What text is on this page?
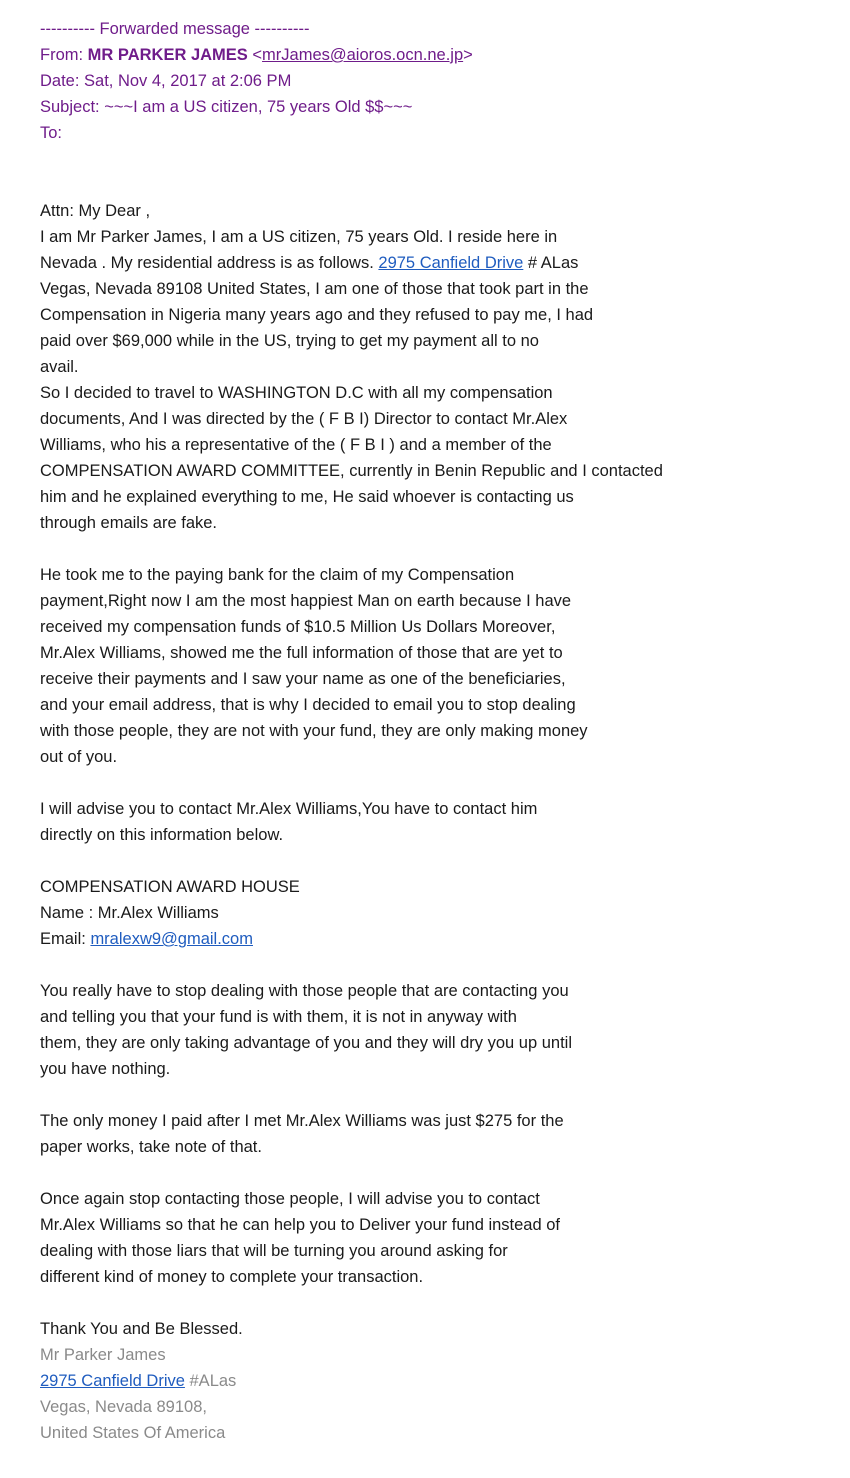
---------- Forwarded message ----------
From: MR PARKER JAMES <mrJames@aioros.ocn.ne.jp>
Date: Sat, Nov 4, 2017 at 2:06 PM
Subject: ~~~I am a US citizen, 75 years Old $$~~~
To:
Attn: My Dear ,
I am Mr Parker James, I am a US citizen, 75 years Old. I reside here in
Nevada . My residential address is as follows. 2975 Canfield Drive # ALas
Vegas, Nevada 89108 United States, I am one of those that took part in the
Compensation in Nigeria many years ago and they refused to pay me, I had
paid over $69,000 while in the US, trying to get my payment all to no
avail.
So I decided to travel to WASHINGTON D.C with all my compensation
documents, And I was directed by the ( F B I) Director to contact Mr.Alex
Williams, who his a representative of the ( F B I ) and a member of the
COMPENSATION AWARD COMMITTEE, currently in Benin Republic and I contacted
him and he explained everything to me, He said whoever is contacting us
through emails are fake.
He took me to the paying bank for the claim of my Compensation
payment,Right now I am the most happiest Man on earth because I have
received my compensation funds of $10.5 Million Us Dollars Moreover,
Mr.Alex Williams, showed me the full information of those that are yet to
receive their payments and I saw your name as one of the beneficiaries,
and your email address, that is why I decided to email you to stop dealing
with those people, they are not with your fund, they are only making money
out of you.
I will advise you to contact Mr.Alex Williams,You have to contact him
directly on this information below.
COMPENSATION AWARD HOUSE
Name : Mr.Alex Williams
Email: mralexw9@gmail.com
You really have to stop dealing with those people that are contacting you
and telling you that your fund is with them, it is not in anyway with
them, they are only taking advantage of you and they will dry you up until
you have nothing.
The only money I paid after I met Mr.Alex Williams was just $275 for the
paper works, take note of that.
Once again stop contacting those people, I will advise you to contact
Mr.Alex Williams so that he can help you to Deliver your fund instead of
dealing with those liars that will be turning you around asking for
different kind of money to complete your transaction.
Thank You and Be Blessed.
Mr Parker James
2975 Canfield Drive #ALas
Vegas, Nevada 89108,
United States Of America
